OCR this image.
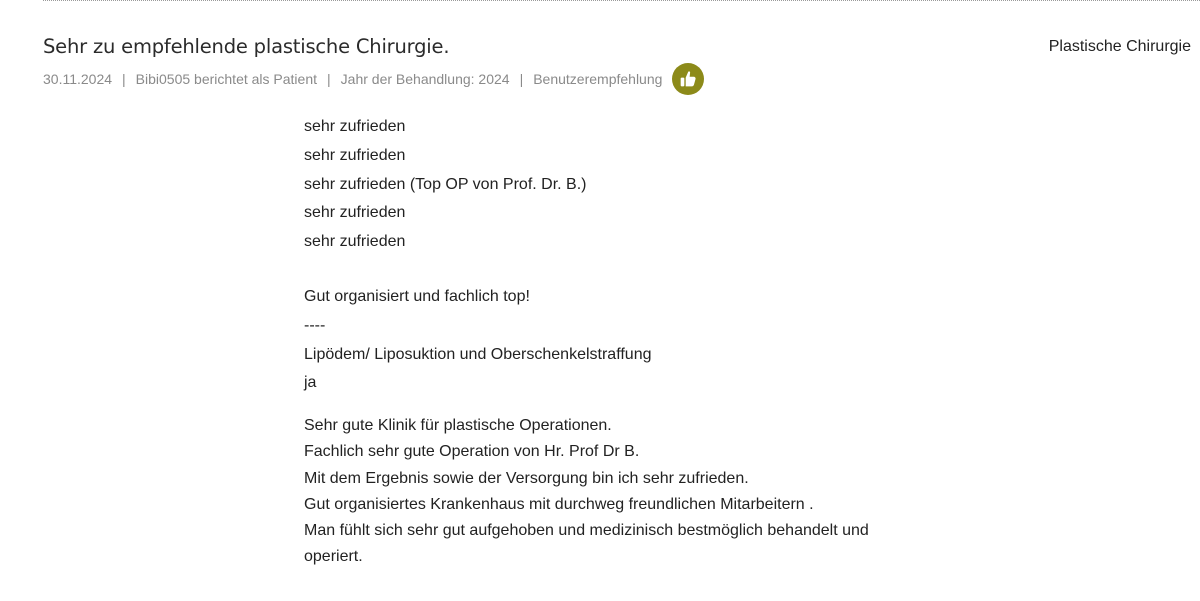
Sehr zu empfehlende plastische Chirurgie.	Plastische Chirurgie
30.11.2024 | Bibi0505 berichtet als Patient | Jahr der Behandlung: 2024 | Benutzerempfehlung
sehr zufrieden
sehr zufrieden
sehr zufrieden (Top OP von Prof. Dr. B.)
sehr zufrieden
sehr zufrieden
Gut organisiert und fachlich top!
----
Lipödem/ Liposuktion und Oberschenkelstraffung
ja
Sehr gute Klinik für plastische Operationen.
Fachlich sehr gute Operation von Hr. Prof Dr B.
Mit dem Ergebnis sowie der Versorgung bin ich sehr zufrieden.
Gut organisiertes Krankenhaus mit durchweg freundlichen Mitarbeitern .
Man fühlt sich sehr gut aufgehoben und medizinisch bestmöglich behandelt und
operiert.
